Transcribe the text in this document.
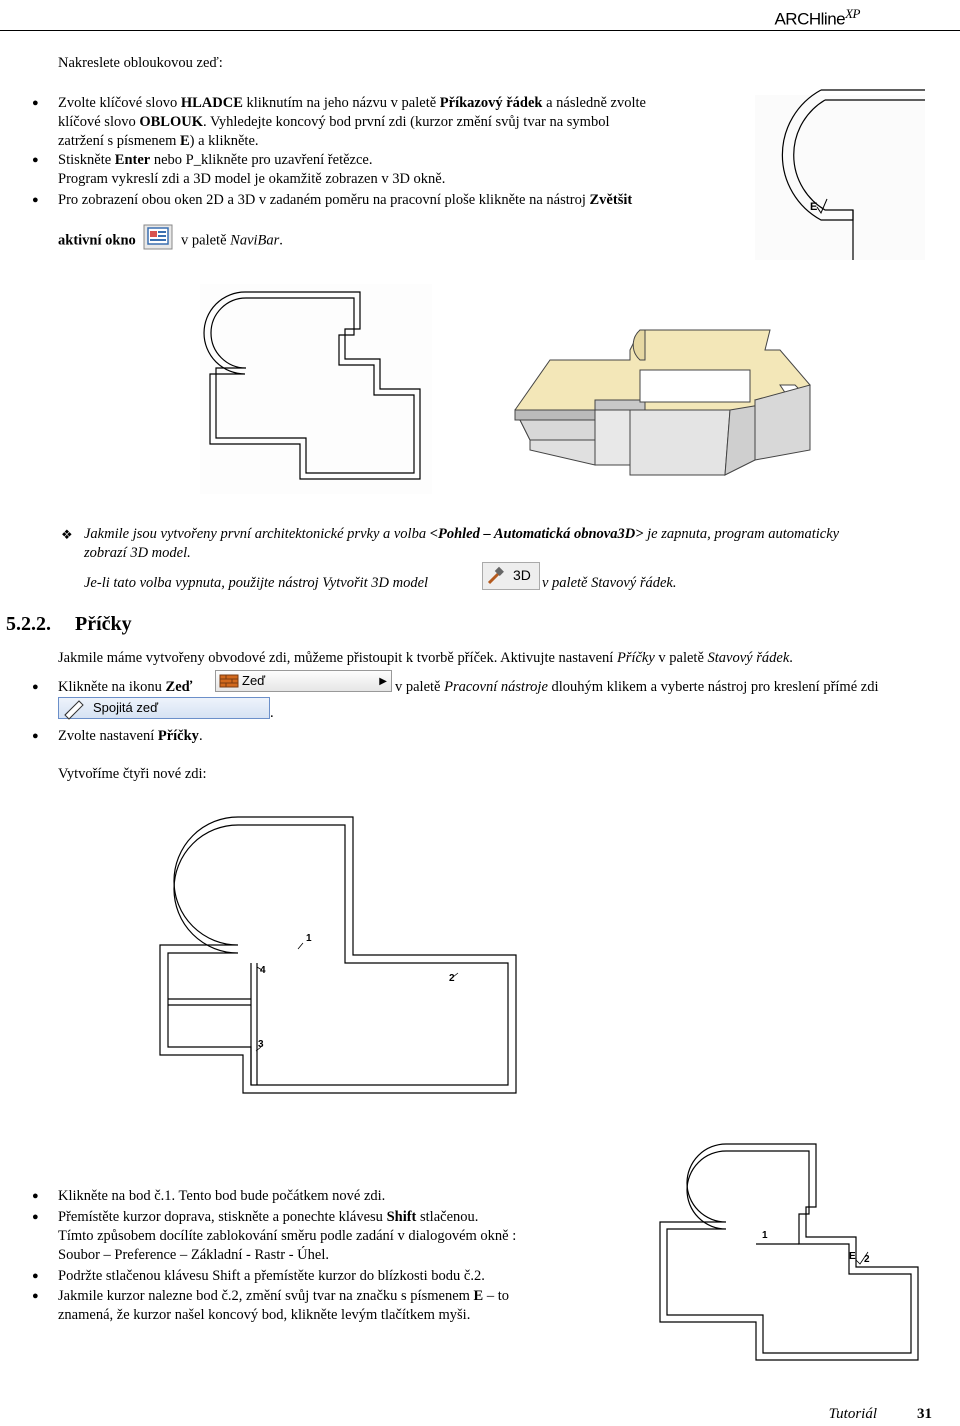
ARCHline$^{XP}$
Nakreslete obloukovou zeď:
● Zvolte klíčové slovo HLADCE kliknutím na jeho názvu v paletě Příkazový řádek a následně zvolte
klíčové slovo OBLOUK. Vyhledejte koncový bod první zdi (kurzor změní svůj tvar na symbol
zatržení s písmenem E) a klikněte.
● Stiskněte Enter nebo P_klikněte pro uzavření řetězce.
Program vykreslí zdi a 3D model je okamžitě zobrazen v 3D okně.
● Pro zobrazení obou oken 2D a 3D v zadaném poměru na pracovní ploše klikněte na nástroj Zvětšit
aktivní okno	v paletě NaviBar.
E
❖ Jakmile jsou vytvořeny první architektonické prvky a volba <Pohled – Automatická obnova3D> je zapnuta, program automaticky
zobrazí 3D model.
Je-li tato volba vypnuta, použijte nástroj Vytvořit 3D model	3D v paletě Stavový řádek.
5.2.2. Příčky
Jakmile máme vytvořeny obvodové zdi, můžeme přistoupit k tvorbě příček. Aktivujte nastavení Příčky v paletě Stavový řádek.
● Klikněte na ikonu Zeď	Zeď	▶ v paletě Pracovní nástroje dlouhým klikem a vyberte nástroj pro kreslení přímé zdi
Spojitá zeď	.
● Zvolte nastavení Příčky.
Vytvoříme čtyři nové zdi:
1
2
3
4
● Klikněte na bod č.1. Tento bod bude počátkem nové zdi.
● Přemístěte kurzor doprava, stiskněte a ponechte klávesu Shift stlačenou.
Tímto způsobem docílíte zablokování směru podle zadání v dialogovém okně :
Soubor – Preference – Základní - Rastr - Úhel.
● Podržte stlačenou klávesu Shift a přemístěte kurzor do blízkosti bodu č.2.
● Jakmile kurzor nalezne bod č.2, změní svůj tvar na značku s písmenem E – to
znamená, že kurzor našel koncový bod, klikněte levým tlačítkem myši.
1
E 2
Tutoriál	31
